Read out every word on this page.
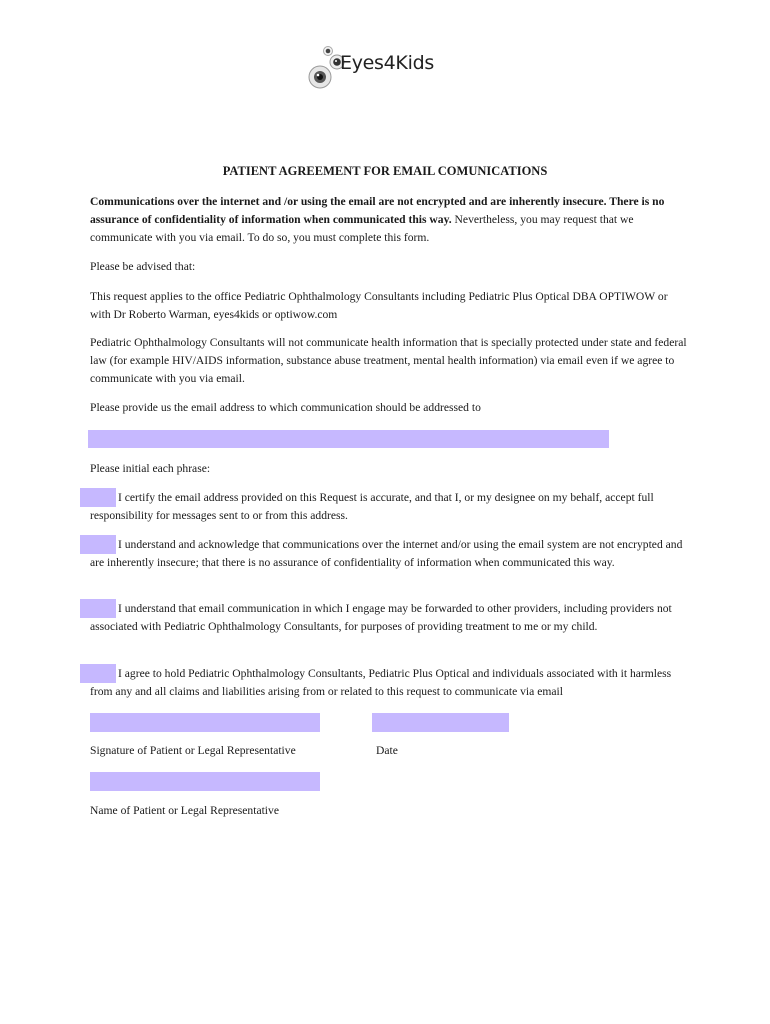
Eyes4Kids
PATIENT AGREEMENT FOR EMAIL COMUNICATIONS
Communications over the internet and /or using the email are not encrypted and are inherently insecure. There is no assurance of confidentiality of information when communicated this way. Nevertheless, you may request that we communicate with you via email. To do so, you must complete this form.
Please be advised that:
This request applies to the office Pediatric Ophthalmology Consultants including Pediatric Plus Optical DBA OPTIWOW or with Dr Roberto Warman, eyes4kids or optiwow.com
Pediatric Ophthalmology Consultants will not communicate health information that is specially protected under state and federal law (for example HIV/AIDS information, substance abuse treatment, mental health information) via email even if we agree to communicate with you via email.
Please provide us the email address to which communication should be addressed to
Please initial each phrase:
I certify the email address provided on this Request is accurate, and that I, or my designee on my behalf, accept full responsibility for messages sent to or from this address.
I understand and acknowledge that communications over the internet and/or using the email system are not encrypted and are inherently insecure; that there is no assurance of confidentiality of information when communicated this way.
I understand that email communication in which I engage may be forwarded to other providers, including providers not associated with Pediatric Ophthalmology Consultants, for purposes of providing treatment to me or my child.
I agree to hold Pediatric Ophthalmology Consultants, Pediatric Plus Optical and individuals associated with it harmless from any and all claims and liabilities arising from or related to this request to communicate via email
Signature of Patient or Legal Representative	Date
Name of Patient or Legal Representative
